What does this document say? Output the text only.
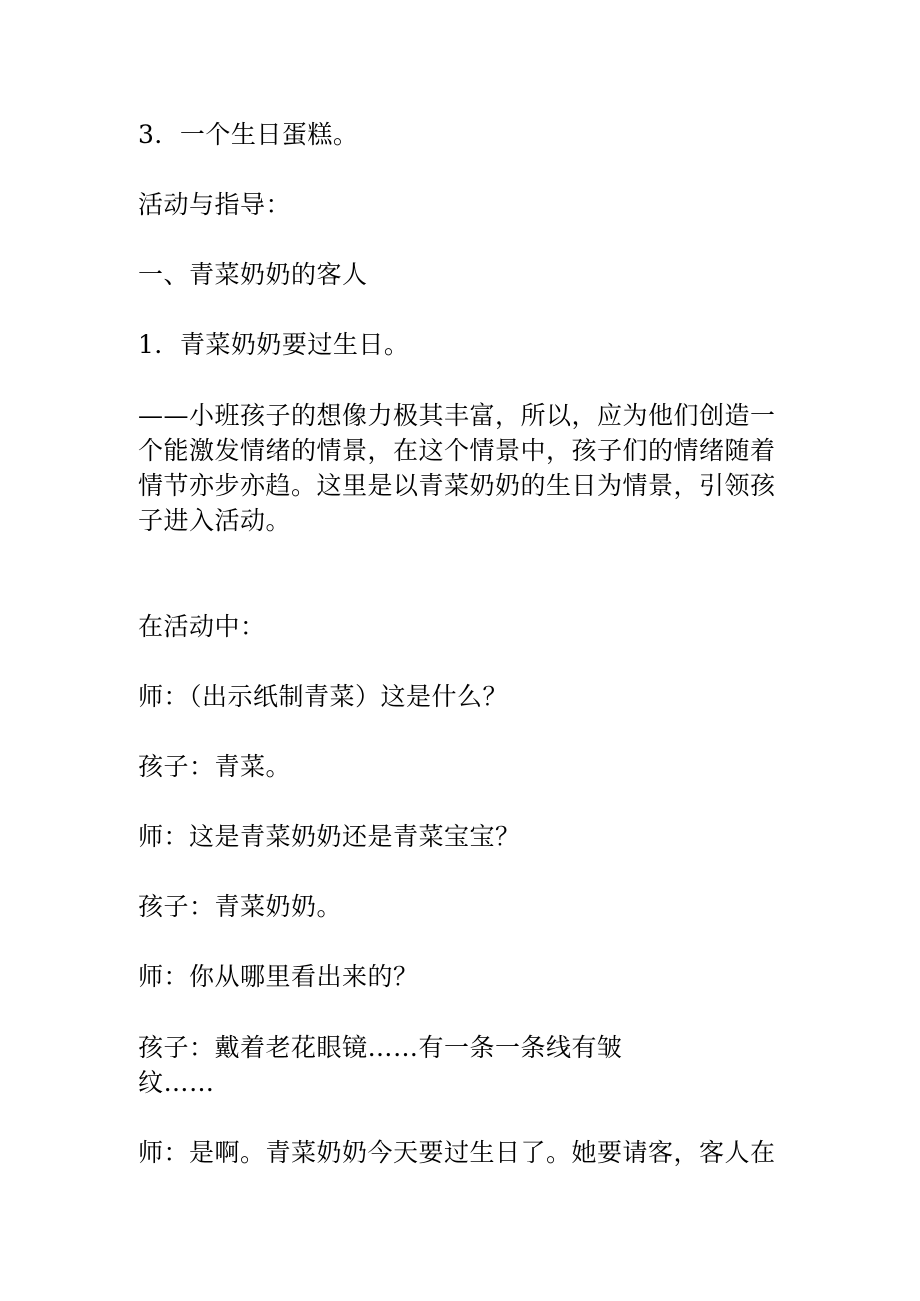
3．一个生日蛋糕。

活动与指导：

一、青菜奶奶的客人

1．青菜奶奶要过生日。

——小班孩子的想像力极其丰富，所以，应为他们创造一个能激发情绪的情景，在这个情景中，孩子们的情绪随着情节亦步亦趋。这里是以青菜奶奶的生日为情景，引领孩子进入活动。

在活动中：

师：（出示纸制青菜）这是什么？

孩子：青菜。

师：这是青菜奶奶还是青菜宝宝？

孩子：青菜奶奶。

师：你从哪里看出来的？

孩子：戴着老花眼镜……有一条一条线有皱

纹……

师：是啊。青菜奶奶今天要过生日了。她要请客，客人在
